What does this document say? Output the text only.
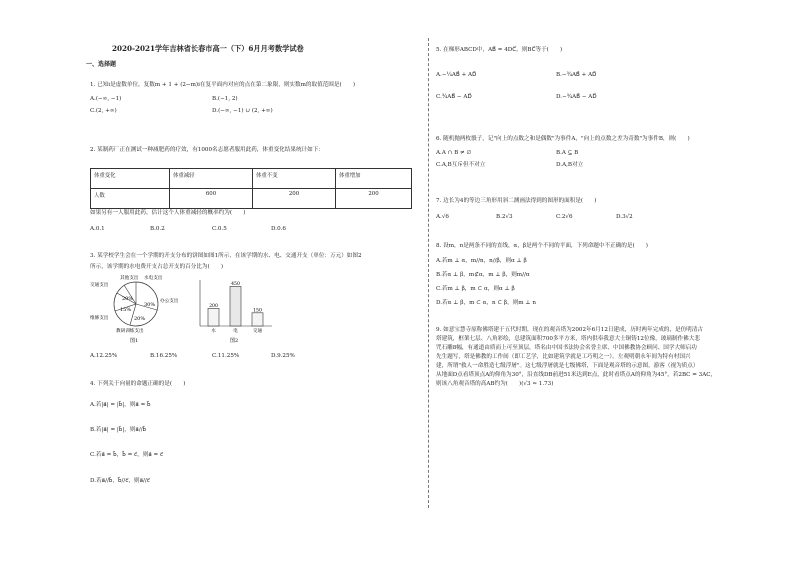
2020-2021学年吉林省长春市高一（下）6月月考数学试卷
一、选择题
1. 已知i是虚数单位，复数m + 1 + (2−m)i在复平面内对应的点在第二象限，则实数m的取值范围是(　　)
A.(−∞, −1)	B.(−1, 2)
C.(2, +∞)	D.(−∞, −1) ∪ (2, +∞)
2. 某制药厂正在测试一种减肥药的疗效，有1000名志愿者服用此药，体重变化结果统计如下：
体重变化	体重减轻	体重不变	体重增加
人数	600	200	200
如果另有一人服用此药，估计这个人体重减轻的概率约为(　　)
A.0.1	B.0.2	C.0.5	D.0.6
3. 某学校学生会在一个学期的开支分布的饼图如图1所示，在该学期的水、电、交通开支（单位：万元）如图2
所示，该学期的水电费开支占总开支的百分比为(　　)
其他支出 水电支出
交通支出
办公支出
维修支出
教研训练支出
20%
30%
15%
20%
图1
200
水
450
电
150
交通
图2
A.12.25%	B.16.25%	C.11.25%	D.9.25%
4. 下列关于向量的命题正确的是(　　)
A.若|a⃗| = |b⃗|，则a⃗ = b⃗
B.若|a⃗| = |b⃗|，则a⃗//b⃗
C.若a⃗ = b⃗，b⃗ = c⃗，则a⃗ = c⃗
D.若a⃗//b⃗，b⃗//c⃗，则a⃗//c⃗
5. 在梯形ABCD中，AB⃗ = 4DC⃗，则BC⃗等于(　　)
A.−¼AB⃗ + AD⃗	B.−¾AB⃗ + AD⃗
C.¾AB⃗ − AD⃗	D.−¾AB⃗ − AD⃗
6. 随机抛两枚骰子，记"向上的点数之和是偶数"为事件A，"向上的点数之差为奇数"为事件B，则(　　)
A.A ∩ B ≠ ∅	B.A ⊆ B
C.A,B互斥但不对立	D.A,B对立
7. 边长为4的等边三角形用斜二测画法得到的图形的面积是(　　)
A.√6	B.2√3	C.2√6	D.3√2
8. 设m，n是两条不同的直线，α，β是两个不同的平面，下列命题中不正确的是(　　)
A.若m ⊥ α，m//n，n//β，则α ⊥ β
B.若α ⊥ β，m⊄α，m ⊥ β，则m//α
C.若m ⊥ β，m ⊂ α，则α ⊥ β
D.若α ⊥ β，m ⊂ α，n ⊂ β，则m ⊥ n
9. 如意宝慧寺原称佛塔建于五代时期，现在的观音塔为2002年6月12日建成，历时两年完成的，是仿明清古
塔建筑，框架七层、八角彩绘，总建筑面积700多平方米，塔内供奉我意大士铜铸12位像，玻璃制作佛大悲
咒石雕8幅，有通道由质而上可至顶层，塔名由中国书法协会名誉主席、中国佛教协会顾问、国学大师启功
先生题写，塔是佛教的工作间（即工艺学，比如建筑学就是工巧明之一）。左观明朝永年间为特有村国兴
建，所谓"救人一命胜造七级浮屠"。这七级浮屠就是七级佛塔，下面是观音塔的示意图，游客（视为质点）
从地面D点看塔顶点A的仰角为30°，沿直线DB前进51米达到E点，此时看塔点A的仰角为45°，若2BC = 3AC，
则该八角观音塔的高AB约为(　　)(√3 ≈ 1.73)
